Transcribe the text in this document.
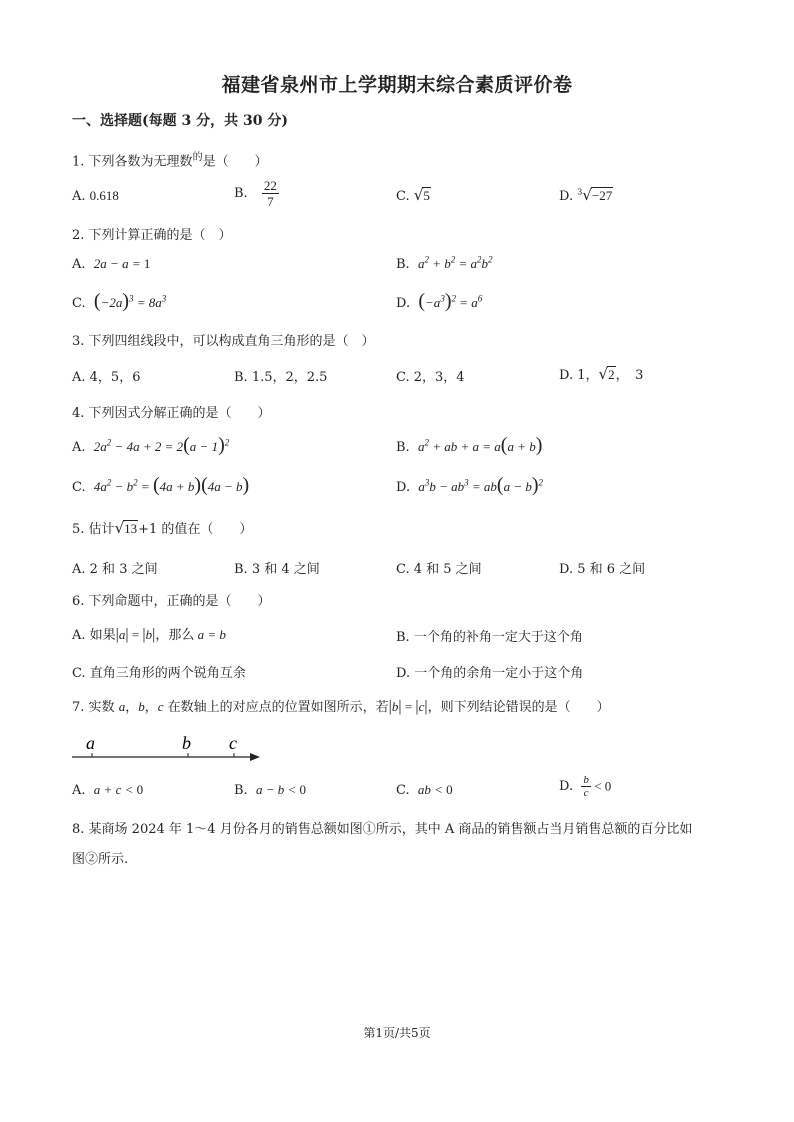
福建省泉州市上学期期末综合素质评价卷
一、选择题(每题 3 分，共 30 分)
1. 下列各数为无理数$^的$是（　　）
A. 0.618	B. $\frac{22}{7}$	C. √5	D. $^3$√−27
2. 下列计算正确的是（　）
A. 2a − a = 1	B. $a^2 + b^2 = a^2b^2$
C. $(-2a)^3 = 8a^3$	D. $(-a^3)^2 = a^6$
3. 下列四组线段中，可以构成直角三角形的是（　）
A. 4，5，6	B. 1.5，2，2.5	C. 2，3，4	D. 1，√2，　3
4. 下列因式分解正确的是（　　）
A. $2a^2 - 4a + 2 = 2(a - 1)^2$	B. $a^2$ + ab + a = a(a + b)
C. $4a^2 - b^2 = (4a + b)(4a - b)$	D. $a^3b - ab^3 = ab(a - b)^2$
5. 估计√13+1 的值在（　　）
A. 2 和 3 之间	B. 3 和 4 之间	C. 4 和 5 之间	D. 5 和 6 之间
6. 下列命题中，正确的是（　　）
A. 如果|a| = |b|，那么 a = b	B. 一个角的补角一定大于这个角
C. 直角三角形的两个锐角互余	D. 一个角的余角一定小于这个角
7. 实数 a，b，c 在数轴上的对应点的位置如图所示，若|b| = |c|，则下列结论错误的是（　　）
a	b c
A. a + c < 0	B. a − b < 0	C. ab < 0	D. $\frac{b}{c} < 0$
8. 某商场 2024 年 1～4 月份各月的销售总额如图①所示，其中 A 商品的销售额占当月销售总额的百分比如
图②所示.
第1页/共5页
